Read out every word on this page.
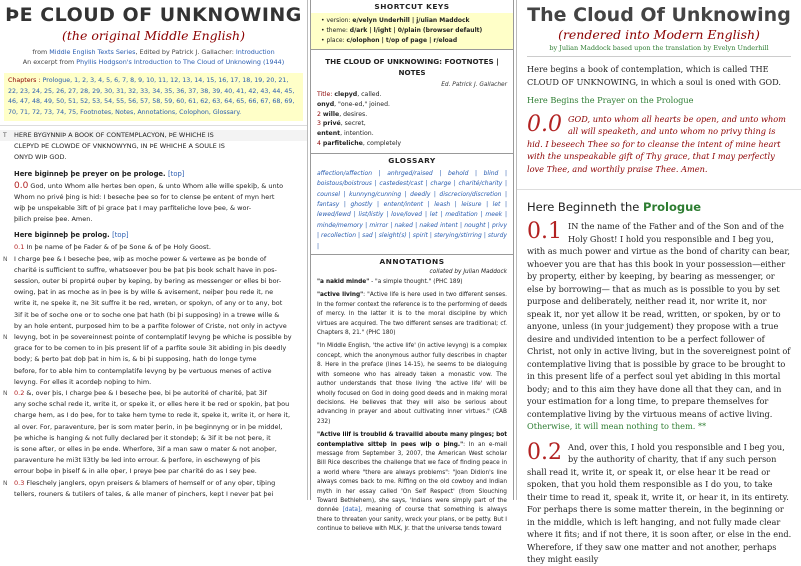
ÞE CLOUD OF UNKNOWING
(the original Middle English)
from Middle English Texts Series, Edited by Patrick J. Gallacher: Introduction
An excerpt from Phyllis Hodgson's Introduction to The Cloud of Unknowing (1944)
Chapters : Prologue, 1, 2, 3, 4, 5, 6, 7, 8, 9, 10, 11, 12, 13, 14, 15, 16, 17, 18, 19, 20, 21, 22, 23, 24, 25, 26, 27, 28, 29, 30, 31, 32, 33, 34, 35, 36, 37, 38, 39, 40, 41, 42, 43, 44, 45, 46, 47, 48, 49, 50, 51, 52, 53, 54, 55, 56, 57, 58, 59, 60, 61, 62, 63, 64, 65, 66, 67, 68, 69, 70, 71, 72, 73, 74, 75, Footnotes, Notes, Annotations, Colophon, Glossary.
T	HERE BYGYNNIÞ A BOOK OF CONTEMPLACYON, ÞE WHICHE IS
CLEPYD ÞE CLOWDE OF VNKNOWYNG, IN ÞE WHICHE A SOULE IS
ONYD WIÞ GOD.
Here biginneþ þe preyer on þe prologe. [top]
0.0 God, unto Whom alle hertes ben open, & unto Whom alle wille spekiþ, & unto
Whom no privé þing is hid: I beseche þee so for to clense þe entent of myn hert
wiþ þe unspekable 3ift of þi grace þat I may parfiteliche love þee, & wor-
þilich preise þee. Amen.
Here biginneþ þe prolog. [top]
0.1 In þe name of þe Fader & of þe Sone & of þe Holy Goost.
N	I charge þee & I beseche þee, wiþ as moche power & vertewe as þe bonde of
charité is sufficient to suffre, whatsoever þou be þat þis book schalt have in pos-
session, outer bi propirté ouþer by keping, by bering as messenger or elles bi bor-
owing, þat in as moche as in þee is by wille & avisement, neiþer þou rede it, ne
write it, ne speke it, ne 3it suffre it be red, wreten, or spokyn, of any or to any, bot
3if it be of soche one or to soche one þat hath (bi þi supposing) in a trewe wille &
by an hole entent, purposed him to be a parfite folower of Criste, not only in actyve
N	levyng, bot in þe sovereinnest pointe of contemplatif levyng þe whiche is possible by
grace for to be comen to in þis present lif of a parfite soule 3it abiding in þis deedly
body; & þerto þat doþ þat in him is, & bi þi supposing, hath do longe tyme
before, for to able him to contemplatife levyng by þe vertuous menes of active
levyng. For elles it acordeþ noþing to him.
N	0.2 &, over þis, I charge þee & I beseche þee, bi þe autorité of charité, þat 3if
any soche schal rede it, write it, or speke it, or elles here it be red or spokin, þat þou
charge hem, as I do þee, for to take hem tyme to rede it, speke it, write it, or here it,
al over. For, paraventure, þer is som mater þerin, in þe beginnyng or in þe middel,
þe whiche is hanging & not fully declared þer it stondeþ; & 3if it be not þere, it
is sone after, or elles in þe ende. Wherfore, 3if a man saw o mater & not anoþer,
paraventure he mi3t li3tly be led into errour. & þerfore, in eschewyng of þis
errour boþe in þiself & in alle oþer, I preye þee par charité do as I sey þee.
N	0.3 Fleschely janglers, opyn preisers & blamers of hemself or of any oþer, tiþing
tellers, rouners & tutilers of tales, & alle maner of pinchers, kept I never þat þei
SHORTCUT KEYS
• version: e/velyn Underhill | j/ulian Maddock
• theme: d/ark | l/ight | 0/plain (browser default)
• place: c/olophon | t/op of page | r/eload
THE CLOUD OF UNKNOWING: FOOTNOTES | NOTES
Ed. Patrick J. Gallacher
Title: clepyd, called.
onyd, "one-ed," joined.
2 wille, desires.
3 privé, secret,
entent, intention.
4 parfiteliche, completely
GLOSSARY
affection/affection | anhrged/raised | behold | blind | boistous/boistrous | castedest/cast | charge | charité/charity | counsel | kunnyng/cunning | deedly | discrecion/discretion | fantasy | ghostly | entent/intent | leash | leisure | let | lewed/lewd | list/listiy | love/loved | let | meditation | meek | minde/memory | mirror | naked | naked intent | nought | privy | recollection | sad | sleight(s) | spirit | sterying/stirring | sturdy |
ANNOTATIONS
collated by Julian Maddock
"a nakid minde" - "a simple thought." (PHC 189)
"active living": "Active life is here used in two different senses. In the former context the reference is to the performing of deeds of mercy. In the latter it is to the moral discipline by which virtues are acquired. The two different senses are traditional; cf. Chapters 8, 21." (PHC 180)
"In Middle English, 'the active life' (in active levyng) is a complex concept, which the anonymous author fully describes in chapter 8. Here in the preface (lines 14-15), he seems to be dialoguing with someone who has already taken a monastic vow. The author understands that those living 'the active life' will be wholly focused on God in doing good deeds and in making moral decisions. He believes that they will also be serious about advancing in prayer and about cultivating inner virtues." (CAB 232)
"Active liif is troublid & travailid aboute many pinges; bot contemplative sitteþ in pees wiþ o þing.": In an e-mail message from September 3, 2007, the American West scholar Bill Rice describes the challenge that we face of finding peace in a world where "there are always problems": "Joan Didion's line always comes back to me. Riffing on the old cowboy and Indian myth in her essay called 'On Self Respect' (from Slouching Toward Bethlehem), she says, 'Indians were simply part of the donnée [data], meaning of course that something is always there to threaten your sanity, wreck your plans, or be petty. But I continue to believe with MLK, Jr. that the universe tends toward
The Cloud Of Unknowing
(rendered into Modern English)
by Julian Maddock based upon the translation by Evelyn Underhill
Here begins a book of contemplation, which is called THE CLOUD OF UNKNOWING, in which a soul is oned with GOD.
Here Begins the Prayer on the Prologue
0.0 GOD, unto whom all hearts be open, and unto whom all will speaketh, and unto whom no privy thing is hid. I beseech Thee so for to cleanse the intent of mine heart with the unspeakable gift of Thy grace, that I may perfectly love Thee, and worthily praise Thee. Amen.
Here Beginneth the Prologue
0.1 IN the name of the Father and of the Son and of the Holy Ghost! I hold you responsible and I beg you, with as much power and virtue as the bond of charity can bear, whoever you are that has this book in your possession—either by property, either by keeping, by bearing as messenger, or else by borrowing— that as much as is possible to you by set purpose and deliberately, neither read it, nor write it, nor speak it, nor yet allow it be read, written, or spoken, by or to anyone, unless (in your judgement) they propose with a true desire and undivided intention to be a perfect follower of Christ, not only in active living, but in the sovereignest point of contemplative living that is possible by grace to be brought to in this present life of a perfect soul yet abiding in this mortal body; and to this aim they have done all that they can, and in your estimation for a long time, to prepare themselves for contemplative living by the virtuous means of active living.
Otherwise, it will mean nothing to them. **
0.2 And, over this, I hold you responsible and I beg you, by the authority of charity, that if any such person shall read it, write it, or speak it, or else hear it be read or spoken, that you hold them responsible as I do you, to take their time to read it, speak it, write it, or hear it, in its entirety. For perhaps there is some matter therein, in the beginning or in the middle, which is left hanging, and not fully made clear where it fits; and if not there, it is soon after, or else in the end. Wherefore, if they saw one matter and not another, perhaps they might easily
